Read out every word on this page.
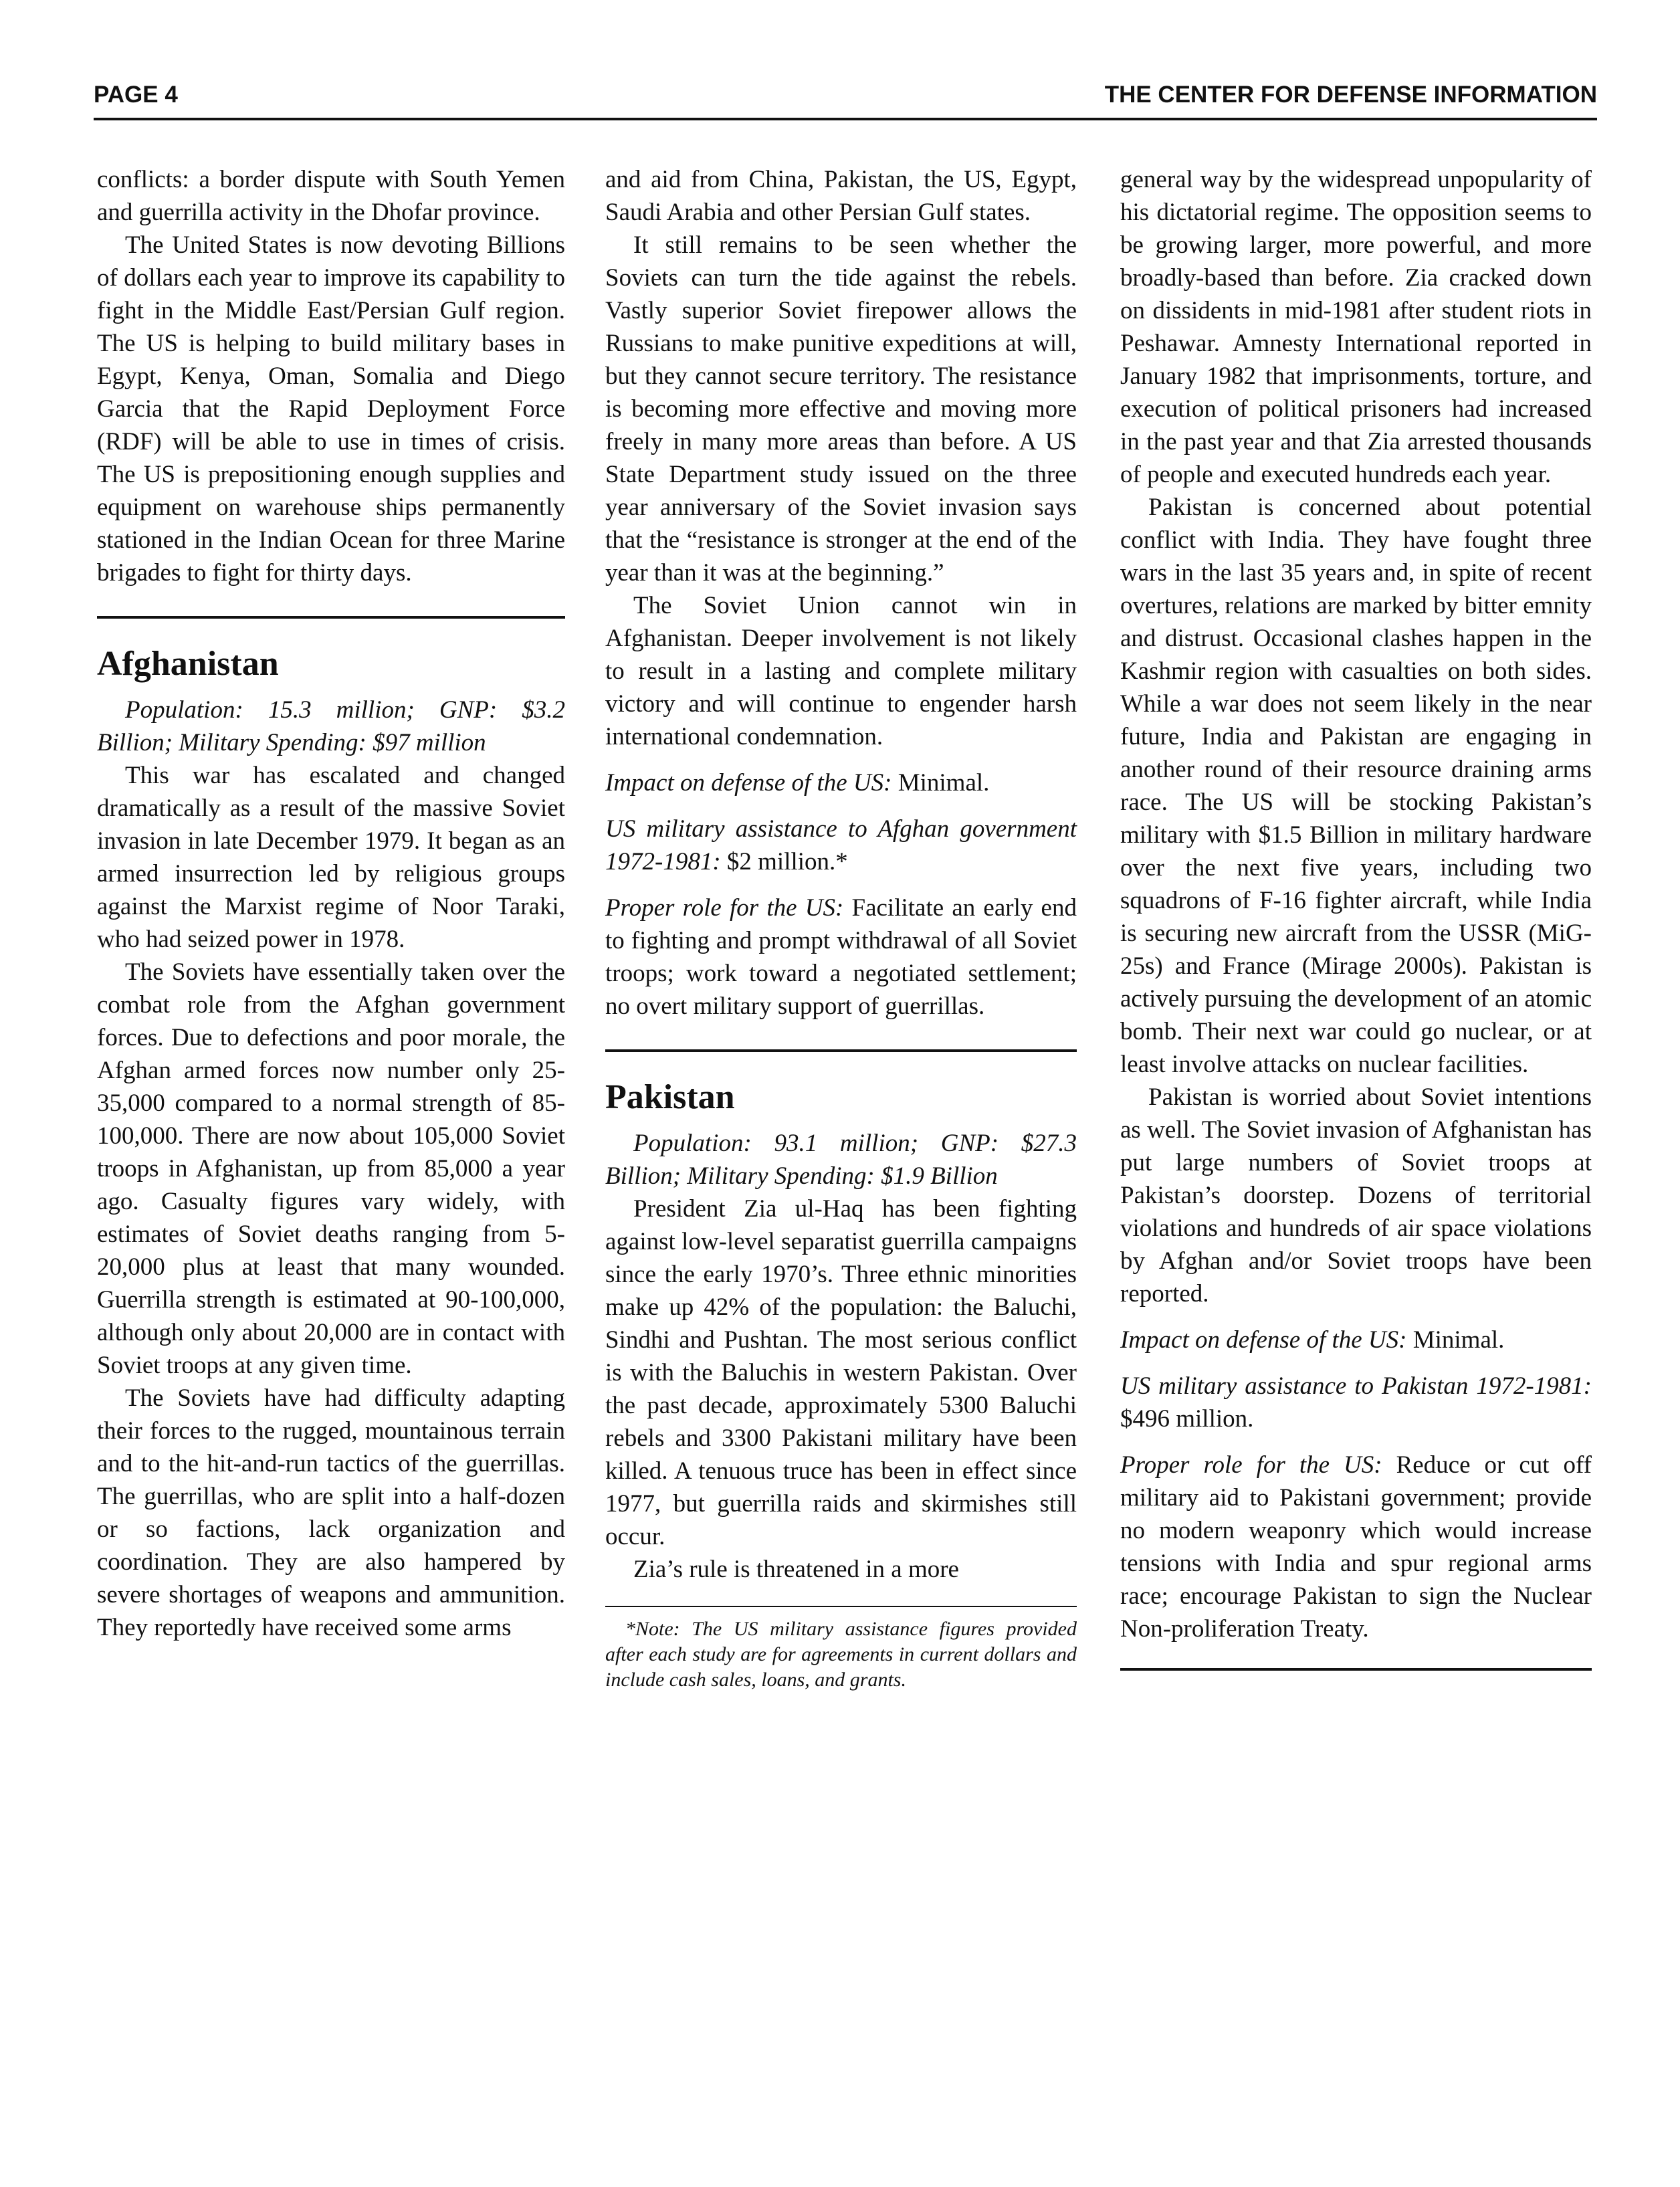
PAGE 4	THE CENTER FOR DEFENSE INFORMATION

conflicts: a border dispute with South Yemen and guerrilla activity in the Dhofar province.

The United States is now devoting Billions of dollars each year to improve its capability to fight in the Middle East/Persian Gulf region. The US is helping to build military bases in Egypt, Kenya, Oman, Somalia and Diego Garcia that the Rapid Deployment Force (RDF) will be able to use in times of crisis. The US is prepositioning enough supplies and equipment on warehouse ships permanently stationed in the Indian Ocean for three Marine brigades to fight for thirty days.

Afghanistan

Population: 15.3 million; GNP: $3.2 Billion; Military Spending: $97 million

This war has escalated and changed dramatically as a result of the massive Soviet invasion in late December 1979. It began as an armed insurrection led by religious groups against the Marxist regime of Noor Taraki, who had seized power in 1978.

The Soviets have essentially taken over the combat role from the Afghan government forces. Due to defections and poor morale, the Afghan armed forces now number only 25-35,000 compared to a normal strength of 85-100,000. There are now about 105,000 Soviet troops in Afghanistan, up from 85,000 a year ago. Casualty figures vary widely, with estimates of Soviet deaths ranging from 5-20,000 plus at least that many wounded. Guerrilla strength is estimated at 90-100,000, although only about 20,000 are in contact with Soviet troops at any given time.

The Soviets have had difficulty adapting their forces to the rugged, mountainous terrain and to the hit-and-run tactics of the guerrillas. The guerrillas, who are split into a half-dozen or so factions, lack organization and coordination. They are also hampered by severe shortages of weapons and ammunition. They reportedly have received some arms

and aid from China, Pakistan, the US, Egypt, Saudi Arabia and other Persian Gulf states.

It still remains to be seen whether the Soviets can turn the tide against the rebels. Vastly superior Soviet firepower allows the Russians to make punitive expeditions at will, but they cannot secure territory. The resistance is becoming more effective and moving more freely in many more areas than before. A US State Department study issued on the three year anniversary of the Soviet invasion says that the “resistance is stronger at the end of the year than it was at the beginning.”

The Soviet Union cannot win in Afghanistan. Deeper involvement is not likely to result in a lasting and complete military victory and will continue to engender harsh international condemnation.

Impact on defense of the US: Minimal.

US military assistance to Afghan government 1972-1981: $2 million.*

Proper role for the US: Facilitate an early end to fighting and prompt withdrawal of all Soviet troops; work toward a negotiated settlement; no overt military support of guerrillas.

Pakistan

Population: 93.1 million; GNP: $27.3 Billion; Military Spending: $1.9 Billion

President Zia ul-Haq has been fighting against low-level separatist guerrilla campaigns since the early 1970’s. Three ethnic minorities make up 42% of the population: the Baluchi, Sindhi and Pushtan. The most serious conflict is with the Baluchis in western Pakistan. Over the past decade, approximately 5300 Baluchi rebels and 3300 Pakistani military have been killed. A tenuous truce has been in effect since 1977, but guerrilla raids and skirmishes still occur.

Zia’s rule is threatened in a more

*Note: The US military assistance figures provided after each study are for agreements in current dollars and include cash sales, loans, and grants.

general way by the widespread unpopularity of his dictatorial regime. The opposition seems to be growing larger, more powerful, and more broadly-based than before. Zia cracked down on dissidents in mid-1981 after student riots in Peshawar. Amnesty International reported in January 1982 that imprisonments, torture, and execution of political prisoners had increased in the past year and that Zia arrested thousands of people and executed hundreds each year.

Pakistan is concerned about potential conflict with India. They have fought three wars in the last 35 years and, in spite of recent overtures, relations are marked by bitter emnity and distrust. Occasional clashes happen in the Kashmir region with casualties on both sides. While a war does not seem likely in the near future, India and Pakistan are engaging in another round of their resource draining arms race. The US will be stocking Pakistan’s military with $1.5 Billion in military hardware over the next five years, including two squadrons of F-16 fighter aircraft, while India is securing new aircraft from the USSR (MiG-25s) and France (Mirage 2000s). Pakistan is actively pursuing the development of an atomic bomb. Their next war could go nuclear, or at least involve attacks on nuclear facilities.

Pakistan is worried about Soviet intentions as well. The Soviet invasion of Afghanistan has put large numbers of Soviet troops at Pakistan’s doorstep. Dozens of territorial violations and hundreds of air space violations by Afghan and/or Soviet troops have been reported.

Impact on defense of the US: Minimal.

US military assistance to Pakistan 1972-1981: $496 million.

Proper role for the US: Reduce or cut off military aid to Pakistani government; provide no modern weaponry which would increase tensions with India and spur regional arms race; encourage Pakistan to sign the Nuclear Non-proliferation Treaty.
